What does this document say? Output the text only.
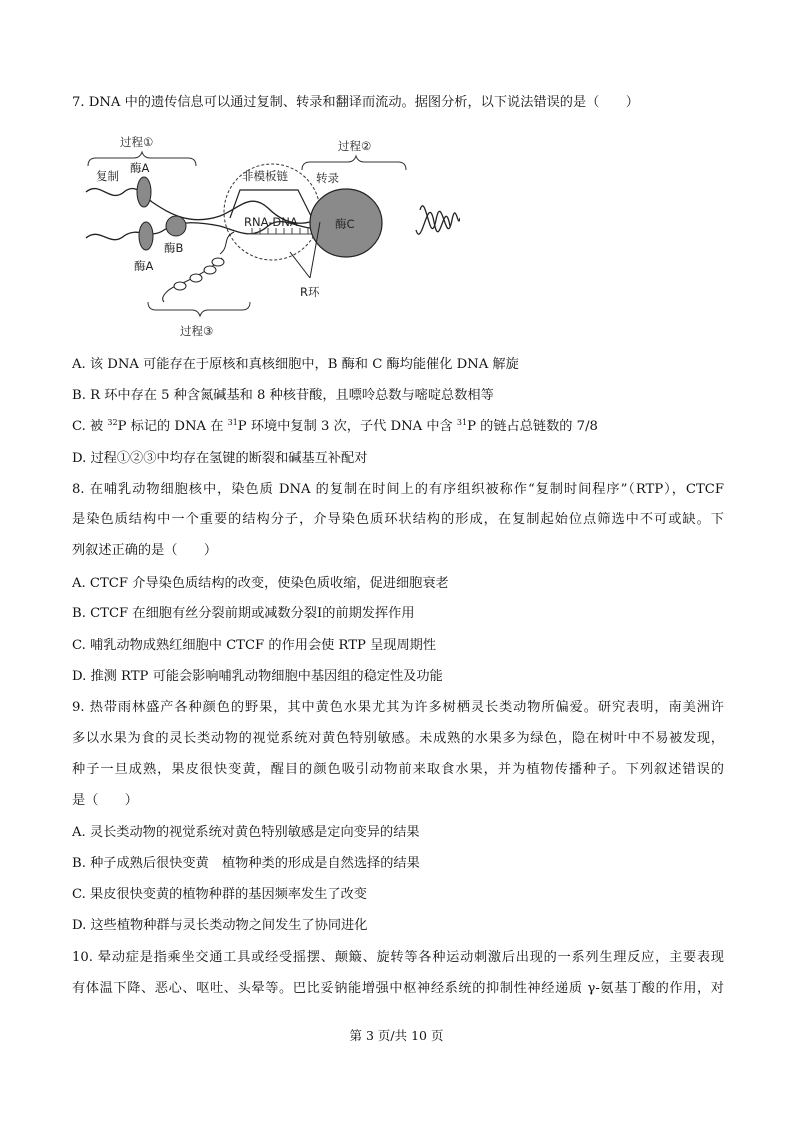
7. DNA 中的遗传信息可以通过复制、转录和翻译而流动。据图分析，以下说法错误的是（　　）
过程①	过程②
过程③
非模板链
RNA-DNA	酶C
转录
复制
酶A
酶B
酶A
R环
A. 该 DNA 可能存在于原核和真核细胞中，B 酶和 C 酶均能催化 DNA 解旋
B. R 环中存在 5 种含氮碱基和 8 种核苷酸，且嘌呤总数与嘧啶总数相等
C. 被 $^{32}$P 标记的 DNA 在 $^{31}$P 环境中复制 3 次，子代 DNA 中含 $^{31}$P 的链占总链数的 7/8
D. 过程①②③中均存在氢键的断裂和碱基互补配对
8. 在哺乳动物细胞核中，染色质 DNA 的复制在时间上的有序组织被称作“复制时间程序”（RTP），CTCF
是染色质结构中一个重要的结构分子，介导染色质环状结构的形成，在复制起始位点筛选中不可或缺。下
列叙述正确的是（　　）
A. CTCF 介导染色质结构的改变，使染色质收缩，促进细胞衰老
B. CTCF 在细胞有丝分裂前期或减数分裂Ⅰ的前期发挥作用
C. 哺乳动物成熟红细胞中 CTCF 的作用会使 RTP 呈现周期性
D. 推测 RTP 可能会影响哺乳动物细胞中基因组的稳定性及功能
9. 热带雨林盛产各种颜色的野果，其中黄色水果尤其为许多树栖灵长类动物所偏爱。研究表明，南美洲许
多以水果为食的灵长类动物的视觉系统对黄色特别敏感。未成熟的水果多为绿色，隐在树叶中不易被发现，
种子一旦成熟，果皮很快变黄，醒目的颜色吸引动物前来取食水果，并为植物传播种子。下列叙述错误的
是（　　）
A. 灵长类动物的视觉系统对黄色特别敏感是定向变异的结果
B. 种子成熟后很快变黄　植物种类的形成是自然选择的结果
C. 果皮很快变黄的植物种群的基因频率发生了改变
D. 这些植物种群与灵长类动物之间发生了协同进化
10. 晕动症是指乘坐交通工具或经受摇摆、颠簸、旋转等各种运动刺激后出现的一系列生理反应，主要表现
有体温下降、恶心、呕吐、头晕等。巴比妥钠能增强中枢神经系统的抑制性神经递质 γ-氨基丁酸的作用，对
第 3 页/共 10 页
